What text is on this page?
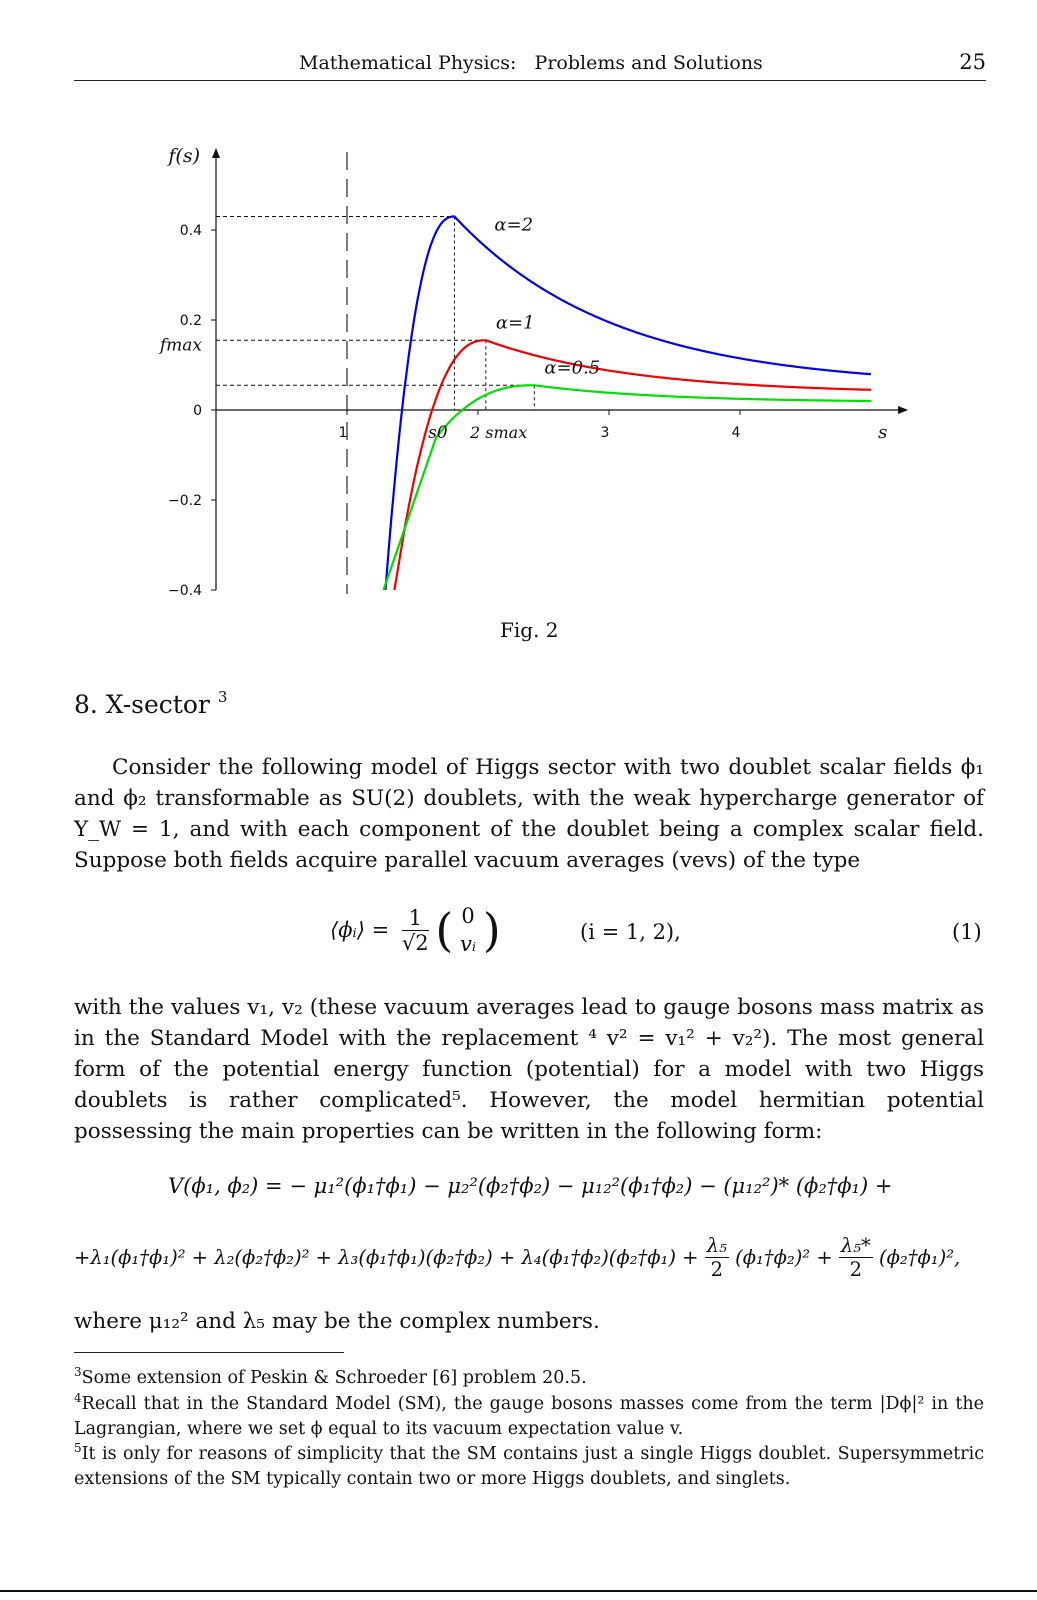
Mathematical Physics:   Problems and Solutions	25
0.4
0.2
0
−0.2
−0.4
f(s)
1	3	4	s
α=2
α=1
α=0.5
fmax
s0 2 smax
Fig. 2
8. X-sector $^3$
Consider the following model of Higgs sector with two doublet scalar fields ϕ₁ and ϕ₂ transformable as SU(2) doublets, with the weak hypercharge generator of Y_W = 1, and with each component of the doublet being a complex scalar field. Suppose both fields acquire parallel vacuum averages (vevs) of the type
⟨ϕᵢ⟩ = $\frac{1}{√2}$ ( 0
vᵢ )	(i = 1, 2),	(1)
with the values v₁, v₂ (these vacuum averages lead to gauge bosons mass matrix as in the Standard Model with the replacement ⁴ v² = v₁² + v₂²). The most general form of the potential energy function (potential) for a model with two Higgs doublets is rather complicated⁵. However, the model hermitian potential possessing the main properties can be written in the following form:
V(ϕ₁, ϕ₂) = − μ₁²(ϕ₁†ϕ₁) − μ₂²(ϕ₂†ϕ₂) − μ₁₂²(ϕ₁†ϕ₂) − (μ₁₂²)* (ϕ₂†ϕ₁) +
+λ₁(ϕ₁†ϕ₁)² + λ₂(ϕ₂†ϕ₂)² + λ₃(ϕ₁†ϕ₁)(ϕ₂†ϕ₂) + λ₄(ϕ₁†ϕ₂)(ϕ₂†ϕ₁) + $\frac{\text{λ₅}}{2}$ (ϕ₁†ϕ₂)² + $\frac{\text{λ₅*}}{2}$ (ϕ₂†ϕ₁)²,
where μ₁₂² and λ₅ may be the complex numbers.
$^3$Some extension of Peskin & Schroeder [6] problem 20.5.
$^4$Recall that in the Standard Model (SM), the gauge bosons masses come from the term |Dϕ|² in the Lagrangian, where we set ϕ equal to its vacuum expectation value v.
$^5$It is only for reasons of simplicity that the SM contains just a single Higgs doublet. Supersymmetric extensions of the SM typically contain two or more Higgs doublets, and singlets.
